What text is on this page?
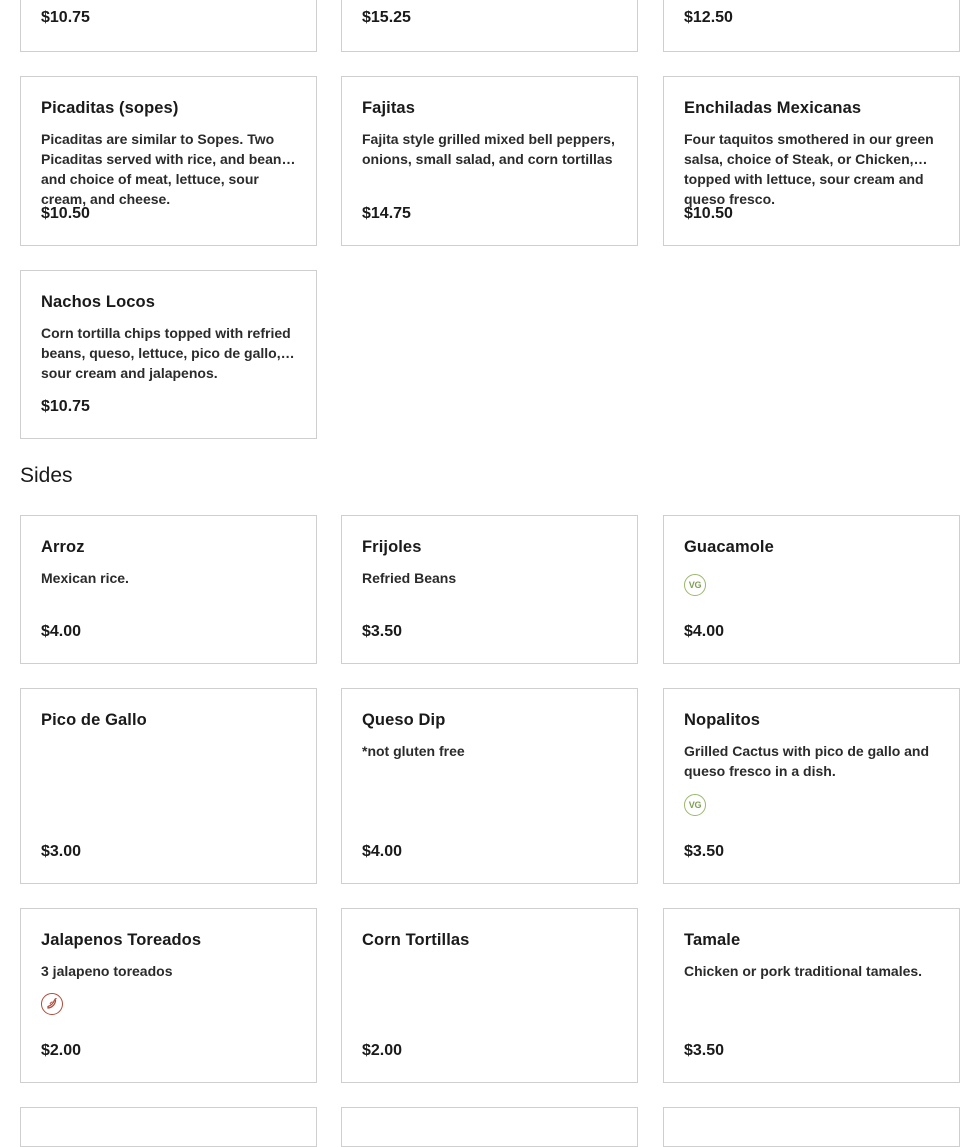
$10.75	$15.25	$12.50
Picaditas (sopes)
Picaditas are similar to Sopes. Two Picaditas served with rice, and bean and choice of meat, lettuce, sour cream, and cheese.
$10.50
Fajitas
Fajita style grilled mixed bell peppers, onions, small salad, and corn tortillas
$14.75
Enchiladas Mexicanas
Four taquitos smothered in our green salsa, choice of Steak, or Chicken, topped with lettuce, sour cream and queso fresco.
$10.50
Nachos Locos
Corn tortilla chips topped with refried beans, queso, lettuce, pico de gallo, sour cream and jalapenos.
$10.75
Sides
Arroz
Mexican rice.
$4.00
Frijoles
Refried Beans
$3.50
Guacamole
VG
$4.00
Pico de Gallo
$3.00
Queso Dip
*not gluten free
$4.00
Nopalitos
Grilled Cactus with pico de gallo and queso fresco in a dish.
VG
$3.50
Jalapenos Toreados
3 jalapeno toreados
$2.00
Corn Tortillas
$2.00
Tamale
Chicken or pork traditional tamales.
$3.50
